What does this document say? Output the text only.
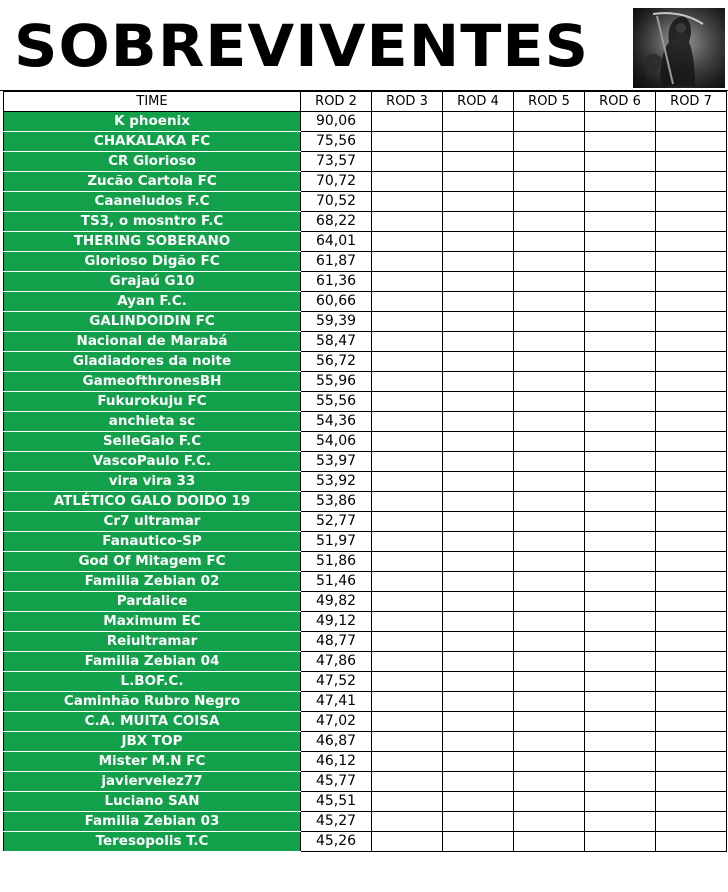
SOBREVIVENTES
TIME	ROD 2	ROD 3	ROD 4	ROD 5	ROD 6	ROD 7
K phoenix	90,06					
CHAKALAKA FC	75,56					
CR Glorioso	73,57					
Zucão Cartola FC	70,72					
Caaneludos F.C	70,52					
TS3, o mosntro F.C	68,22					
THERING SOBERANO	64,01					
Glorioso Digão FC	61,87					
Grajaú G10	61,36					
Ayan F.C.	60,66					
GALINDOIDIN FC	59,39					
Nacional de Marabá	58,47					
Gladiadores da noite	56,72					
GameofthronesBH	55,96					
Fukurokuju FC	55,56					
anchieta sc	54,36					
SelleGalo F.C	54,06					
VascoPaulo F.C.	53,97					
vira vira 33	53,92					
ATLÉTICO GALO DOIDO 19	53,86					
Cr7 ultramar	52,77					
Fanautico-SP	51,97					
God Of Mitagem FC	51,86					
Familia Zebian 02	51,46					
Pardalice	49,82					
Maximum EC	49,12					
Reiultramar	48,77					
Familia Zebian 04	47,86					
L.BOF.C.	47,52					
Caminhão Rubro Negro	47,41					
C.A. MUITA COISA	47,02					
JBX TOP	46,87					
Mister M.N FC	46,12					
javiervelez77	45,77					
Luciano SAN	45,51					
Familia Zebian 03	45,27					
Teresopolis T.C	45,26					
